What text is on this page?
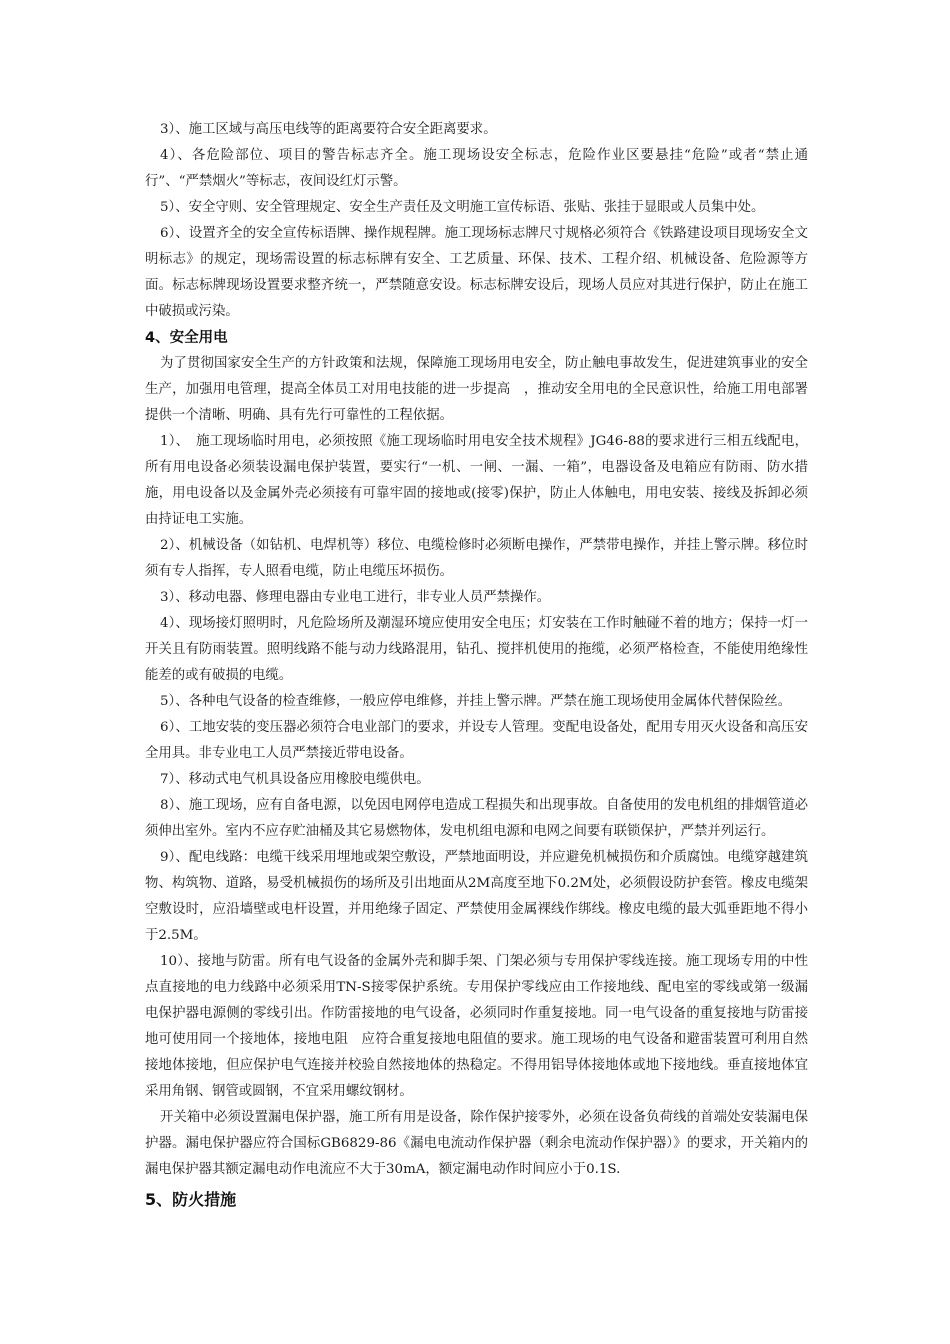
3）、施工区域与高压电线等的距离要符合安全距离要求。

4）、各危险部位、项目的警告标志齐全。施工现场设安全标志，危险作业区要悬挂“危险”或者“禁止通行”、“严禁烟火”等标志，夜间设红灯示警。

5）、安全守则、安全管理规定、安全生产责任及文明施工宣传标语、张贴、张挂于显眼或人员集中处。

6）、设置齐全的安全宣传标语牌、操作规程牌。施工现场标志牌尺寸规格必须符合《铁路建设项目现场安全文明标志》的规定，现场需设置的标志标牌有安全、工艺质量、环保、技术、工程介绍、机械设备、危险源等方面。标志标牌现场设置要求整齐统一，严禁随意安设。标志标牌安设后，现场人员应对其进行保护，防止在施工中破损或污染。

4、安全用电

为了贯彻国家安全生产的方针政策和法规，保障施工现场用电安全，防止触电事故发生，促进建筑事业的安全生产，加强用电管理，提高全体员工对用电技能的进一步提高　，推动安全用电的全民意识性，给施工用电部署提供一个清晰、明确、具有先行可靠性的工程依据。

1）、　施工现场临时用电，必须按照《施工现场临时用电安全技术规程》JG46-88的要求进行三相五线配电，所有用电设备必须装设漏电保护装置，要实行“一机、一闸、一漏、一箱”，电器设备及电箱应有防雨、防水措施，用电设备以及金属外壳必须接有可靠牢固的接地或(接零)保护，防止人体触电，用电安装、接线及拆卸必须由持证电工实施。

2）、机械设备（如钻机、电焊机等）移位、电缆检修时必须断电操作，严禁带电操作，并挂上警示牌。移位时须有专人指挥，专人照看电缆，防止电缆压坏损伤。

3）、移动电器、修理电器由专业电工进行，非专业人员严禁操作。

4）、现场接灯照明时，凡危险场所及潮湿环境应使用安全电压；灯安装在工作时触碰不着的地方；保持一灯一开关且有防雨装置。照明线路不能与动力线路混用，钻孔、搅拌机使用的拖缆，必须严格检查，不能使用绝缘性能差的或有破损的电缆。

5）、各种电气设备的检查维修，一般应停电维修，并挂上警示牌。严禁在施工现场使用金属体代替保险丝。

6）、工地安装的变压器必须符合电业部门的要求，并设专人管理。变配电设备处，配用专用灭火设备和高压安全用具。非专业电工人员严禁接近带电设备。

7）、移动式电气机具设备应用橡胶电缆供电。

8）、施工现场，应有自备电源，以免因电网停电造成工程损失和出现事故。自备使用的发电机组的排烟管道必须伸出室外。室内不应存贮油桶及其它易燃物体，发电机组电源和电网之间要有联锁保护，严禁并列运行。

9）、配电线路：电缆干线采用埋地或架空敷设，严禁地面明设，并应避免机械损伤和介质腐蚀。电缆穿越建筑物、构筑物、道路，易受机械损伤的场所及引出地面从2M高度至地下0.2M处，必须假设防护套管。橡皮电缆架空敷设时，应沿墙壁或电杆设置，并用绝缘子固定、严禁使用金属裸线作绑线。橡皮电缆的最大弧垂距地不得小于2.5M。

10）、接地与防雷。所有电气设备的金属外壳和脚手架、门架必须与专用保护零线连接。施工现场专用的中性点直接地的电力线路中必须采用TN-S接零保护系统。专用保护零线应由工作接地线、配电室的零线或第一级漏电保护器电源侧的零线引出。作防雷接地的电气设备，必须同时作重复接地。同一电气设备的重复接地与防雷接地可使用同一个接地体，接地电阻　应符合重复接地电阻值的要求。施工现场的电气设备和避雷装置可利用自然接地体接地，但应保护电气连接并校验自然接地体的热稳定。不得用铝导体接地体或地下接地线。垂直接地体宜采用角钢、钢管或圆钢，不宜采用螺纹钢材。

开关箱中必须设置漏电保护器，施工所有用是设备，除作保护接零外，必须在设备负荷线的首端处安装漏电保护器。漏电保护器应符合国标GB6829-86《漏电电流动作保护器（剩余电流动作保护器）》的要求，开关箱内的漏电保护器其额定漏电动作电流应不大于30mA，额定漏电动作时间应小于0.1S.

5、防火措施
